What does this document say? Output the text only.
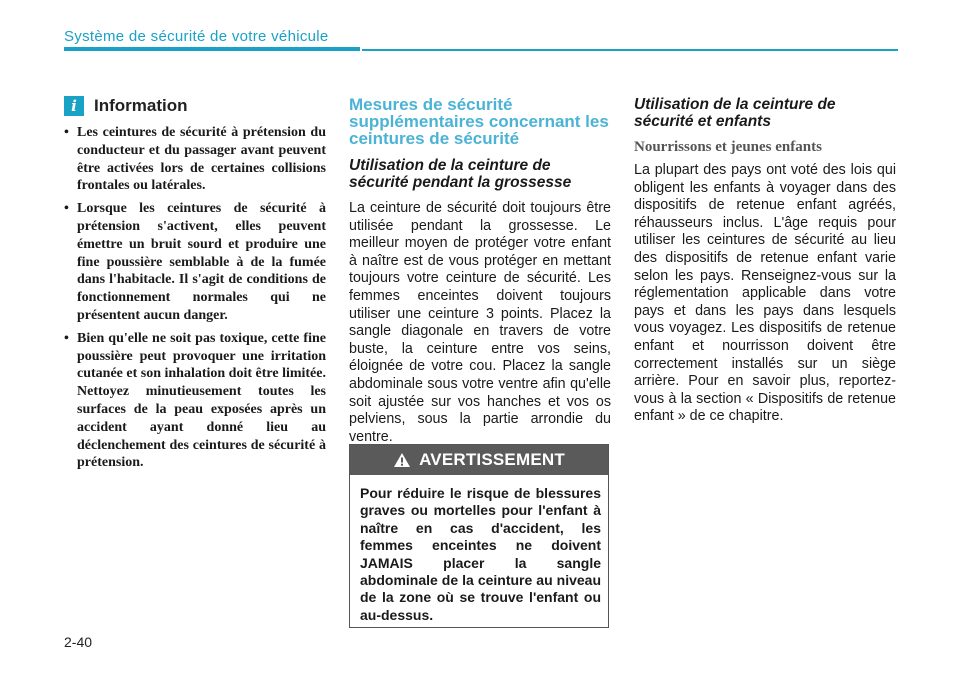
Système de sécurité de votre véhicule
i	Information
• Les ceintures de sécurité à prétension du conducteur et du passager avant peuvent être activées lors de certaines collisions frontales ou latérales.
• Lorsque les ceintures de sécurité à prétension s'activent, elles peuvent émettre un bruit sourd et produire une fine poussière semblable à de la fumée dans l'habitacle. Il s'agit de conditions de fonctionnement normales qui ne présentent aucun danger.
• Bien qu'elle ne soit pas toxique, cette fine poussière peut provoquer une irritation cutanée et son inhalation doit être limitée. Nettoyez minutieusement toutes les surfaces de la peau exposées après un accident ayant donné lieu au déclenchement des ceintures de sécurité à prétension.
Mesures de sécurité supplémentaires concernant les ceintures de sécurité
Utilisation de la ceinture de sécurité pendant la grossesse

La ceinture de sécurité doit toujours être utilisée pendant la grossesse. Le meilleur moyen de protéger votre enfant à naître est de vous protéger en mettant toujours votre ceinture de sécurité. Les femmes enceintes doivent toujours utiliser une ceinture 3 points. Placez la sangle diagonale en travers de votre buste, la ceinture entre vos seins, éloignée de votre cou. Placez la sangle abdominale sous votre ventre afin qu'elle soit ajustée sur vos hanches et vos os pelviens, sous la partie arrondie du ventre.

AVERTISSEMENT

Pour réduire le risque de blessures graves ou mortelles pour l'enfant à naître en cas d'accident, les femmes enceintes ne doivent JAMAIS placer la sangle abdominale de la ceinture au niveau de la zone où se trouve l'enfant ou au-dessus.

Utilisation de la ceinture de sécurité et enfants
Nourrissons et jeunes enfants

La plupart des pays ont voté des lois qui obligent les enfants à voyager dans des dispositifs de retenue enfant agréés, réhausseurs inclus. L'âge requis pour utiliser les ceintures de sécurité au lieu des dispositifs de retenue enfant varie selon les pays. Renseignez-vous sur la réglementation applicable dans votre pays et dans les pays dans lesquels vous voyagez. Les dispositifs de retenue enfant et nourrisson doivent être correctement installés sur un siège arrière. Pour en savoir plus, reportez-vous à la section « Dispositifs de retenue enfant » de ce chapitre.

2-40
